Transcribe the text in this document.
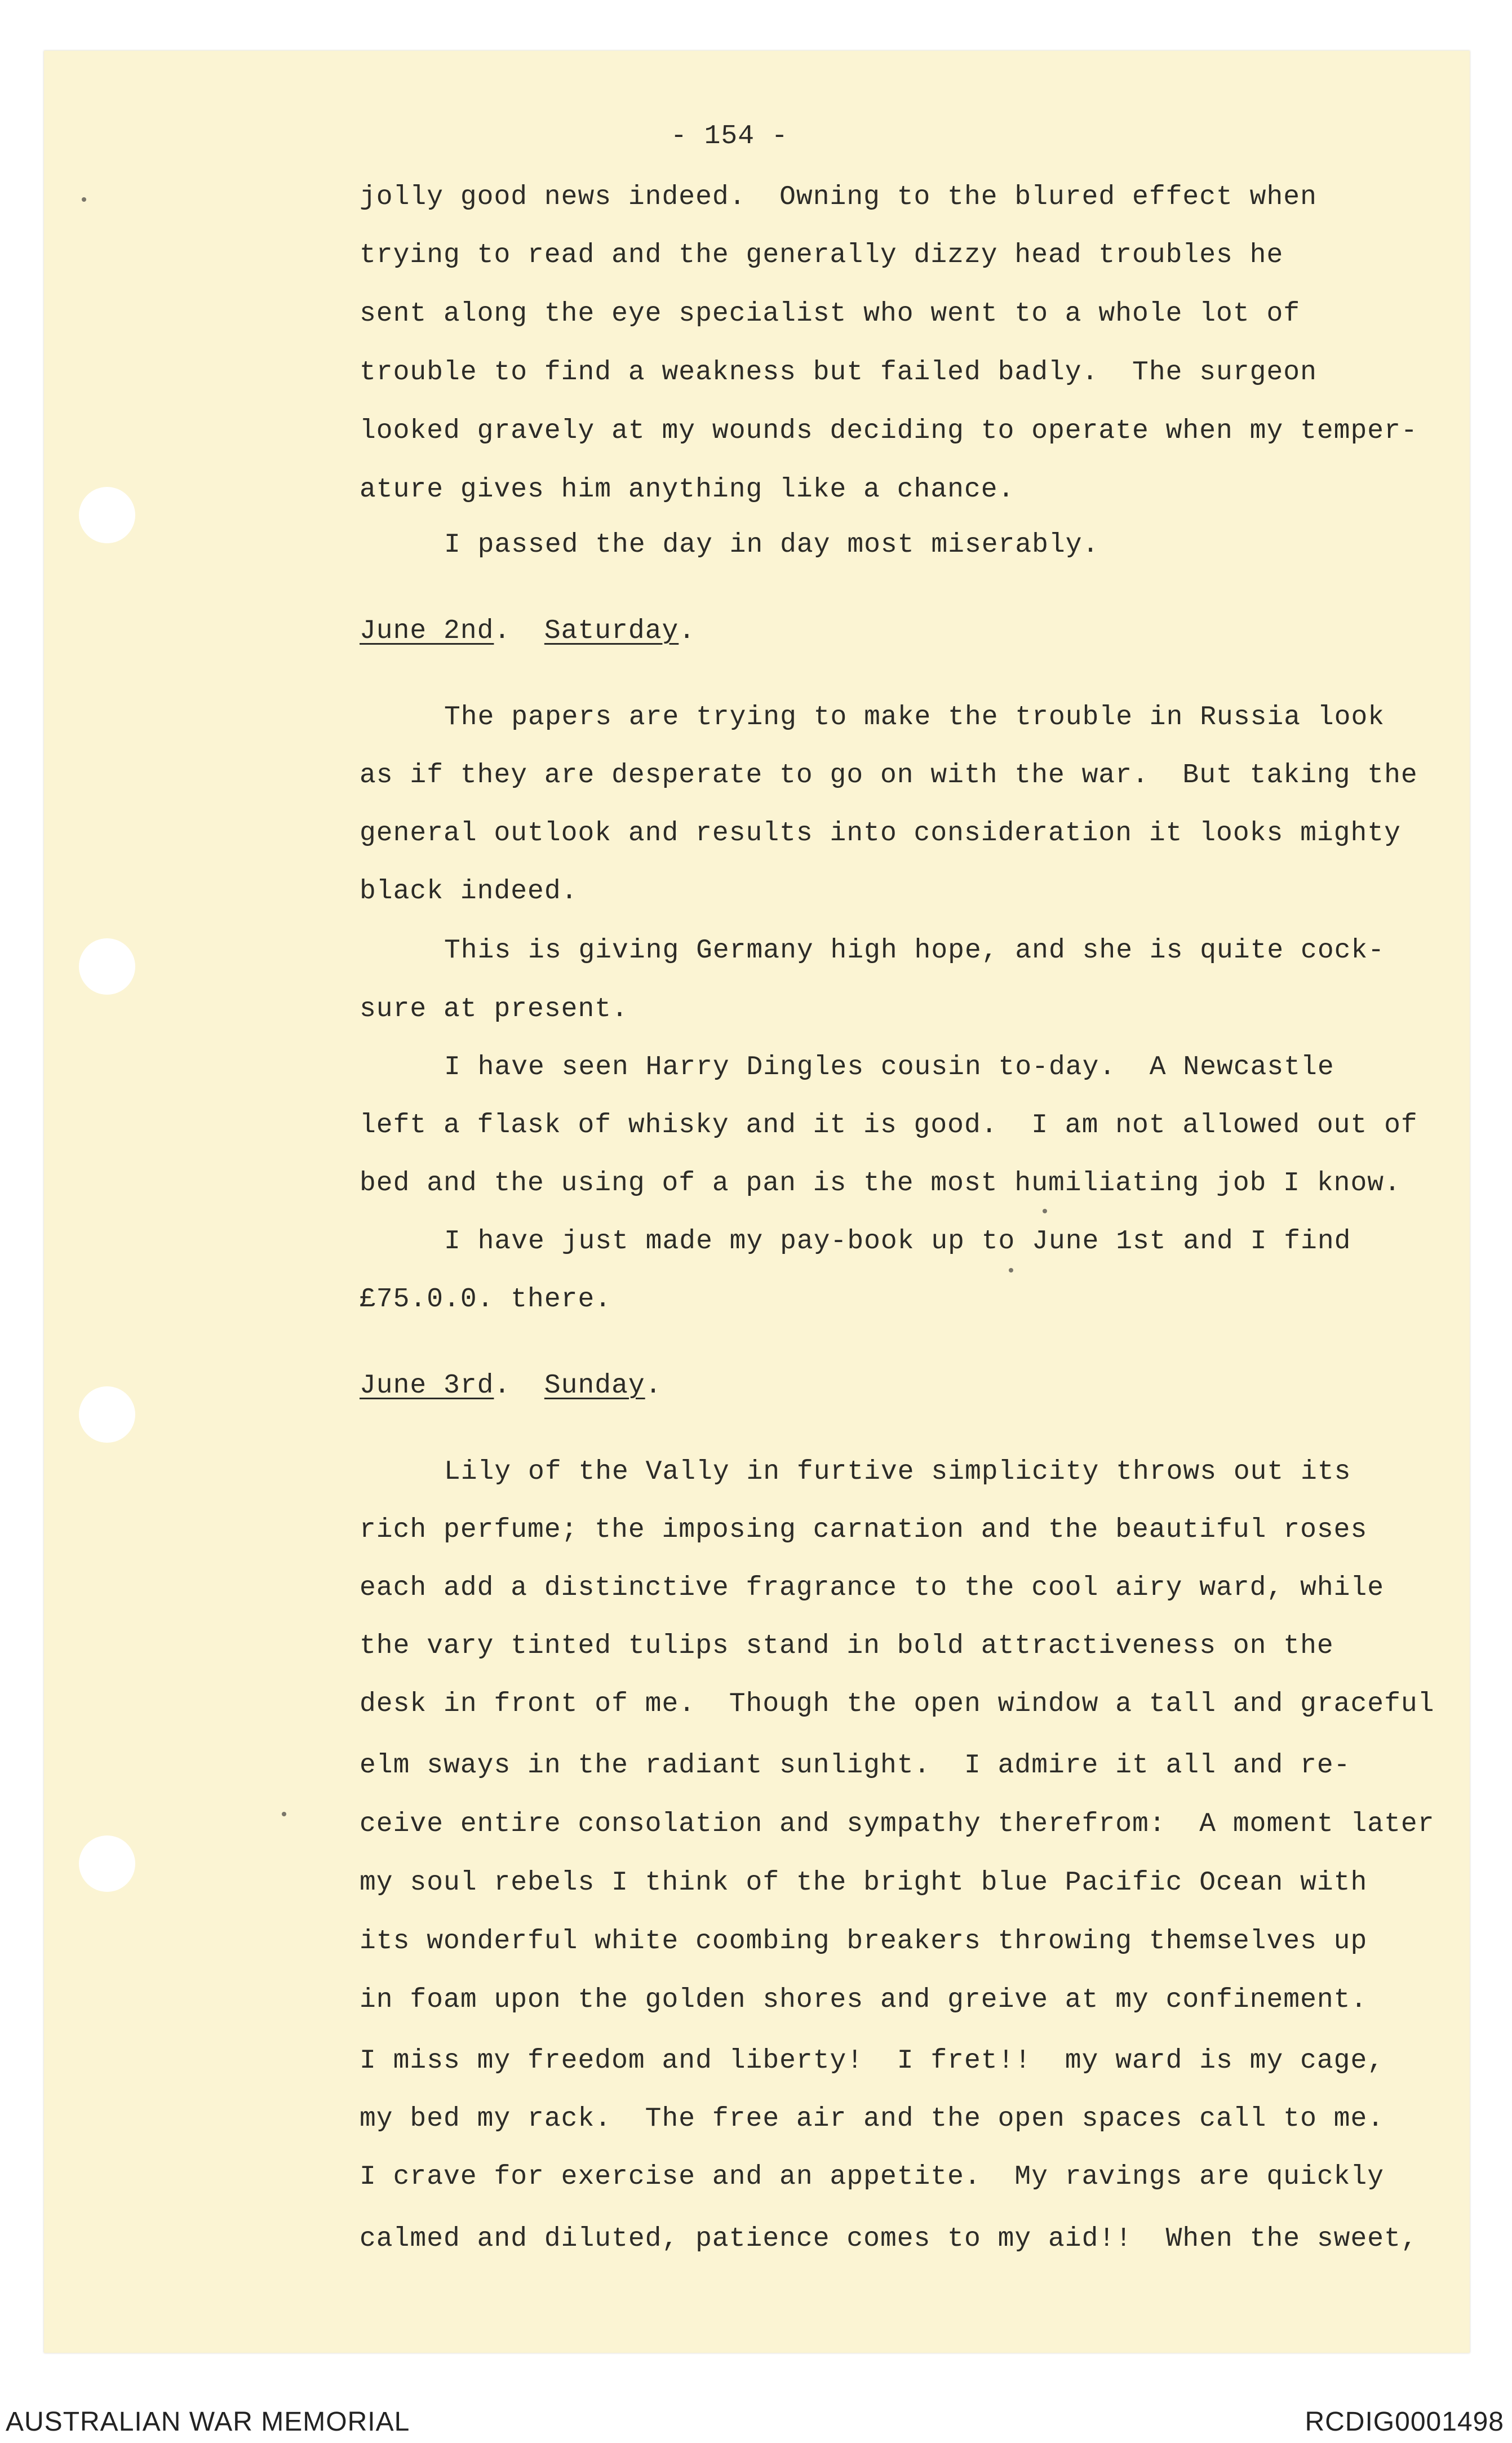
- 154 -

jolly good news indeed.  Owning to the blured effect when

trying to read and the generally dizzy head troubles he

sent along the eye specialist who went to a whole lot of

trouble to find a weakness but failed badly.  The surgeon

looked gravely at my wounds deciding to operate when my temper-

ature gives him anything like a chance.

I passed the day in day most miserably.

June 2nd.  Saturday.

The papers are trying to make the trouble in Russia look

as if they are desperate to go on with the war.  But taking the

general outlook and results into consideration it looks mighty

black indeed.

This is giving Germany high hope, and she is quite cock-

sure at present.

I have seen Harry Dingles cousin to-day.  A Newcastle

left a flask of whisky and it is good.  I am not allowed out of

bed and the using of a pan is the most humiliating job I know.

I have just made my pay-book up to June 1st and I find

£75.0.0. there.

June 3rd.  Sunday.

Lily of the Vally in furtive simplicity throws out its

rich perfume; the imposing carnation and the beautiful roses

each add a distinctive fragrance to the cool airy ward, while

the vary tinted tulips stand in bold attractiveness on the

desk in front of me.  Though the open window a tall and graceful

elm sways in the radiant sunlight.  I admire it all and re-

ceive entire consolation and sympathy therefrom:  A moment later

my soul rebels I think of the bright blue Pacific Ocean with

its wonderful white coombing breakers throwing themselves up

in foam upon the golden shores and greive at my confinement.

I miss my freedom and liberty!  I fret!!  my ward is my cage,

my bed my rack.  The free air and the open spaces call to me.

I crave for exercise and an appetite.  My ravings are quickly

calmed and diluted, patience comes to my aid!!  When the sweet,

AUSTRALIAN WAR MEMORIAL	RCDIG0001498
